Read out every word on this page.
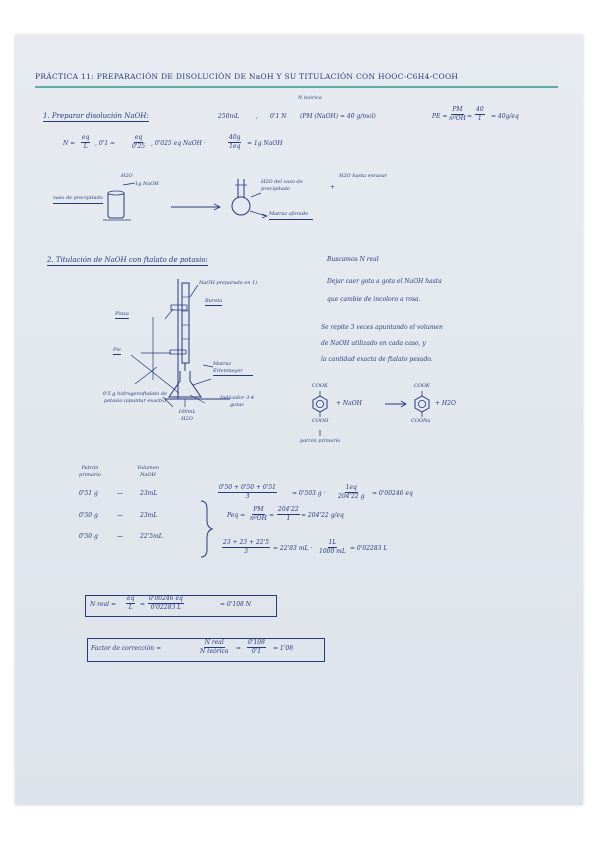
PRÁCTICA 11: PREPARACIÓN DE DISOLUCIÓN DE NaOH Y SU TITULACIÓN CON HOOC-C6H4-COOH
1. Preparar disolución NaOH:	250mL	, 0'1 N
N teórica
(PM (NaOH) = 40 g/mol)	PE =
PM
nºOH = $\frac{40}{1} = 40g/eq$
$N = \frac{eq}{L}$ , 0'1 =	$\frac{eq}{0'25}$ , 0'025 eq NaOH ·	$\frac{40g}{1eq} = 1g$ NaOH
H2O
1g NaOH
vaso de precipitado
H2O del vaso de precipitado	+
H2O hasta enrasar
Matraz aforado
2. Titulación de NaOH con ftalato de potasio:	Buscamos N real
NaOH preparado en 1)
Bureta
Pinza
Pie
Matraz Erlenmeyer
0'5 g hidrogenoftalato de potasio (apuntar exacto)
100mL H2O
Indicador 3-4 gotas
Dejar caer gota a gota el NaOH hasta
que cambie de incoloro a rosa.
Se repite 3 veces apuntando el volumen
de NaOH utilizado en cada caso, y
la cantidad exacta de ftalato pesado.
COOK
COOH
+ NaOH
COOK
+ H2O
COONa
patrón primario
Patrón primario
Volumen NaOH
0'51 g	—	23mL
0'50 g	—	23mL
0'50 g	—	22'5mL
$\frac{0'50 + 0'50 + 0'51}{3}$	= 0'503 $g \cdot \frac{1eq}{204'22 g} = 0'00246$ eq
Peq =
PM
nºOH = $\frac{204'22}{1} = 204'22$ g/eq
$\frac{23 + 23 + 22'5}{3} = 22'83$ mL · $\frac{1L}{1000 mL} = 0'02283$ L
N real = $\frac{eq}{L} = \frac{0'00246 eq}{0'02283 L}$	= 0'108 N
Factor de corrección =
N real
N teórica = $\frac{0'108}{0'1} = 1'08$
